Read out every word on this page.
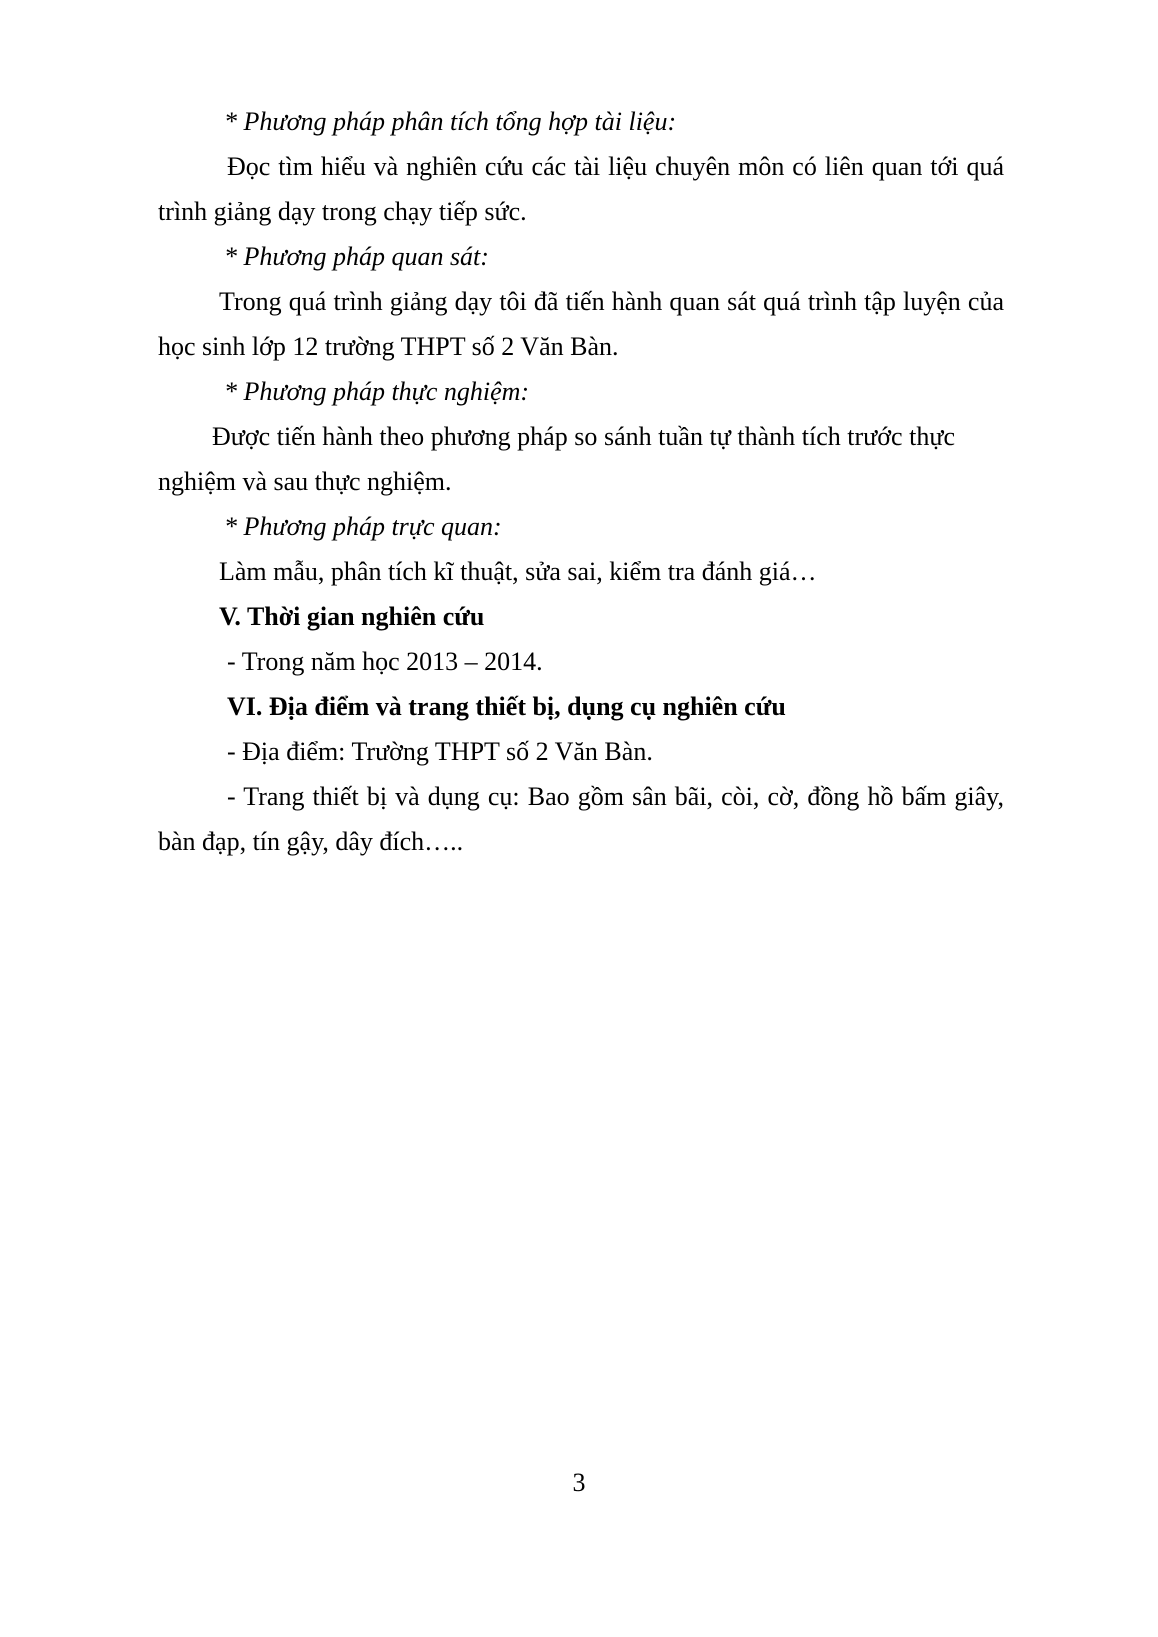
* Phương pháp phân tích tổng hợp tài liệu:

Đọc tìm hiểu và nghiên cứu các tài liệu chuyên môn có liên quan tới quá

trình giảng dạy trong chạy tiếp sức.

* Phương pháp quan sát:

Trong quá trình giảng dạy tôi đã tiến hành quan sát quá trình tập luyện của

học sinh lớp 12 trường THPT số 2 Văn Bàn.

* Phương pháp thực nghiệm:

Được tiến hành theo phương pháp so sánh tuần tự thành tích trước thực

nghiệm và sau thực nghiệm.

* Phương pháp trực quan:

Làm mẫu, phân tích kĩ thuật, sửa sai, kiểm tra đánh giá…

V. Thời gian nghiên cứu

- Trong năm học 2013 – 2014.

VI. Địa điểm và trang thiết bị, dụng cụ nghiên cứu

- Địa điểm: Trường THPT số 2 Văn Bàn.

- Trang thiết bị và dụng cụ: Bao gồm sân bãi, còi, cờ, đồng hồ bấm giây,

bàn đạp, tín gậy, dây đích…..

3
